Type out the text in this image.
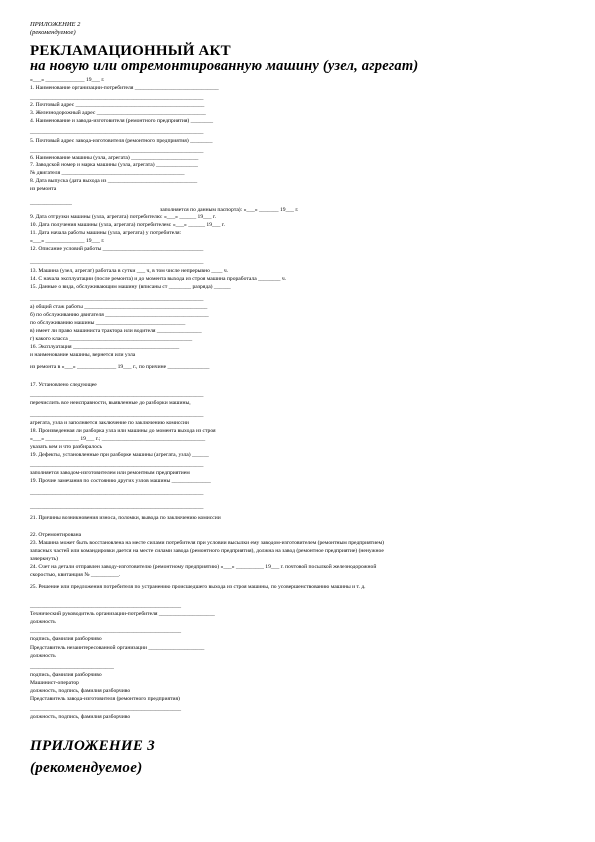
ПРИЛОЖЕНИЕ 2
(рекомендуемое)
РЕКЛАМАЦИОННЫЙ АКТ
на новую или отремонтированную машину (узел, агрегат)
«___» ______________ 19___ г.
1. Наименование организации-потребителя ______________________________
______________________________________________________________
2. Почтовый адрес ______________________________________________
3. Железнодорожный адрес _______________________________________
4. Наименование и завода-изготовителя (ремонтного предприятия) ________
______________________________________________________________
5. Почтовый адрес завода-изготовителя (ремонтного предприятия) ________
______________________________________________________________
6. Наименование машины (узла, агрегата) ________________________
7. Заводской номер и марка машины (узла, агрегата) _______________
№ двигателя ____________________________________________
8. Дата выпуска (дата выхода из ________________________________
из ремонта
_______________
заполняется по данным паспорта): «___» _______ 19___ г.
9. Дата отгрузки машины (узла, агрегата) потребителю: «___» ______ 19___ г.
10. Дата получения машины (узла, агрегата) потребителем: «___» ______ 19___ г.
11. Дата начала работы машины (узла, агрегата) у потребителя:
«___» ______________ 19___ г.
12. Описание условий работы ____________________________________
______________________________________________________________
13. Машина (узел, агрегат) работала в сутки ___ ч, в том числе непрерывно ____ ч.
14. С начала эксплуатации (после ремонта) и до момента выхода из строя машина проработала ________ ч.
15. Данные о вида, обслуживающим машину (вписаны ст ________ разряда) ______
______________________________________________________________
а) общий стаж работы ____________________________________________
б) по обслуживанию двигателя _____________________________________
по обслуживанию машины ________________________________
в) имеет ли право машиниста трактора или водителя ________________
г) какого класса ____________________________________________
16. Эксплуатация ______________________________________
и наименование машины, вернется или узла
из ремонта в «___» ______________ 19___ г., по причине _______________
17. Установлено следующее
______________________________________________________________
перечислить все неисправности, выявленные до разборки машины,
______________________________________________________________
агрегата, узла и заполняется заключение по заключению комиссии
18. Произведенная ли разборка узла или машины до момента выхода из строя
«___» ____________ 19___ г.; _____________________________________
указать кем и что разбиралось
19. Дефекты, установленные при разборке машины (агрегата, узла) ______
______________________________________________________________
заполняется заводом-изготовителем или ремонтным предприятием
19. Прочие замечания по состоянию других узлов машины ______________
______________________________________________________________
______________________________________________________________
21. Причины возникновения износа, поломки, вывода по заключению комиссии
22. Отремонтирована
23. Машина может быть восстановлена на месте силами потребителя при условии высылки ему заводом-изготовителем (ремонтным предприятием)
запасных частей или командировки дается на месте силами завода (ремонтного предприятия), должна на завод (ремонтное предприятие) (ненужное
зачеркнуть)
24. Счет на детали отправлен заводу-изготовителю (ремонтному предприятию) «___» __________ 19___ г. почтовой посылкой железнодорожной
скоростью, квитанция № __________.
25. Решение или предложения потребителя по устранению происшедшего выхода из строя машины, по усовершенствованию машины и т. д.
______________________________________________________
Технический руководитель организации-потребителя ____________________
должность
______________________________________________________
подпись, фамилия разборчиво
Представитель незаинтересованной организации ____________________
должность
______________________________
подпись, фамилия разборчиво
Машинист-оператор
должность, подпись, фамилия разборчиво
Представитель завода-изготовителя (ремонтного предприятия)
______________________________________________________
должность, подпись, фамилия разборчиво
ПРИЛОЖЕНИЕ 3
(рекомендуемое)
